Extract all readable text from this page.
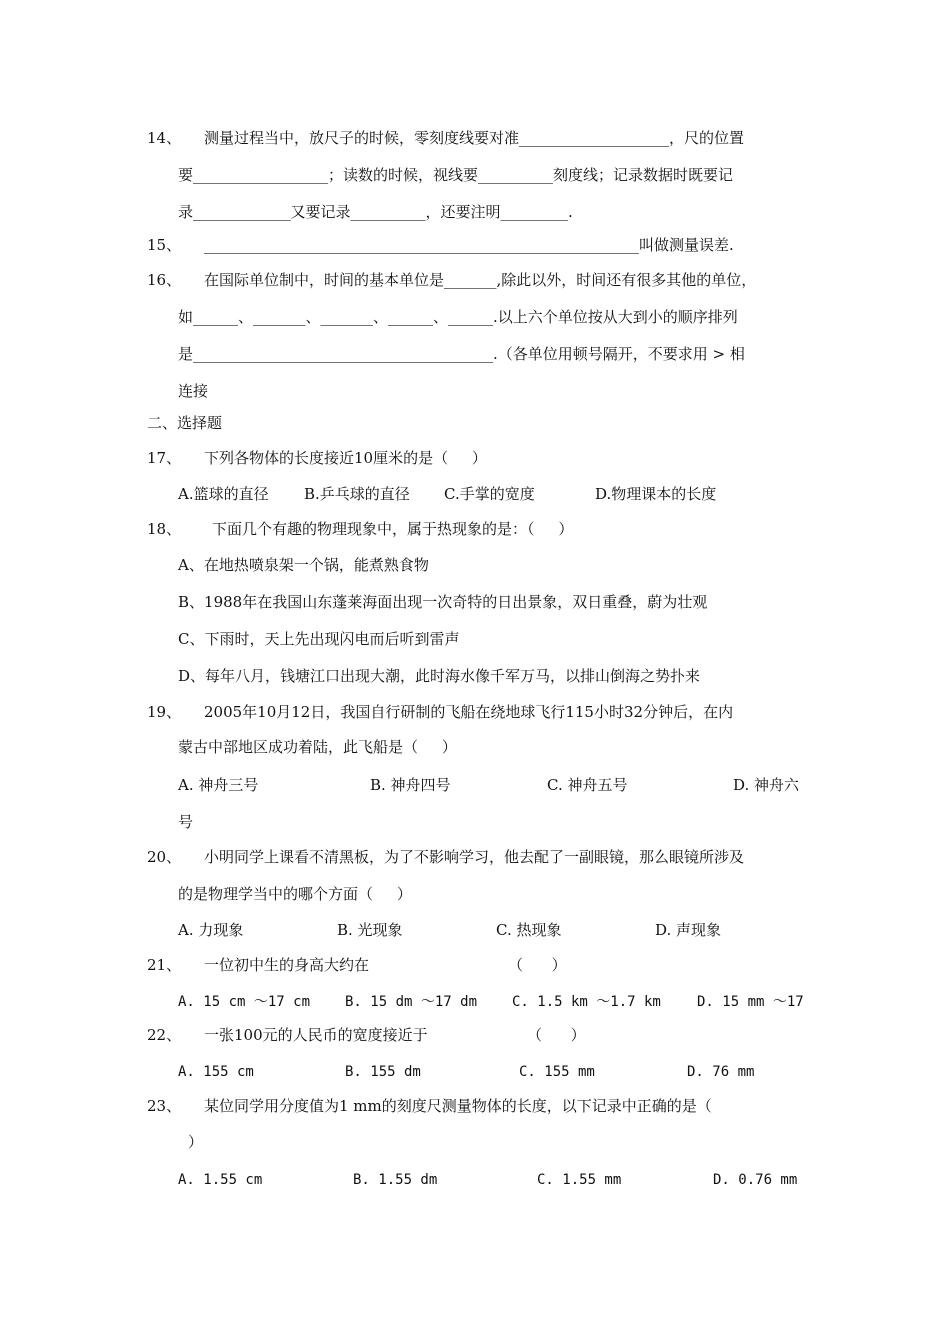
14、 测量过程当中，放尺子的时候，零刻度线要对准____________________，尺的位置
要__________________；读数的时候，视线要__________刻度线；记录数据时既要记
录_____________又要记录__________，还要注明_________.
15、 __________________________________________________________叫做测量误差.
16、 在国际单位制中，时间的基本单位是_______,除此以外，时间还有很多其他的单位，
如______、_______、_______、______、______.以上六个单位按从大到小的顺序排列
是________________________________________.（各单位用顿号隔开，不要求用 > 相
连接
二、选择题
17、 下列各物体的长度接近10厘米的是（     ）
A.篮球的直径 B.乒乓球的直径 C.手掌的宽度	D.物理课本的长度
18、 下面几个有趣的物理现象中，属于热现象的是：（     ）
A、在地热喷泉架一个锅，能煮熟食物
B、1988年在我国山东蓬莱海面出现一次奇特的日出景象，双日重叠，蔚为壮观
C、下雨时，天上先出现闪电而后听到雷声
D、每年八月，钱塘江口出现大潮，此时海水像千军万马，以排山倒海之势扑来
19、 2005年10月12日，我国自行研制的飞船在绕地球飞行115小时32分钟后，在内
蒙古中部地区成功着陆，此飞船是（     ）
A. 神舟三号	B. 神舟四号	C. 神舟五号	D. 神舟六
号
20、 小明同学上课看不清黑板，为了不影响学习，他去配了一副眼镜，那么眼镜所涉及
的是物理学当中的哪个方面（     ）
A. 力现象	B. 光现象	C. 热现象	D. 声现象
21、 一位初中生的身高大约在	（      ）
A. 15 cm ～17 cm B. 15 dm ～17 dm C. 1.5 km ～1.7 km	D. 15 mm ～17
22、 一张100元的人民币的宽度接近于	（      ）
A. 155 cm	B. 155 dm	C. 155 mm	D. 76 mm
23、 某位同学用分度值为1 mm的刻度尺测量物体的长度，以下记录中正确的是（
）
A. 1.55 cm	B. 1.55 dm	C. 1.55 mm	D. 0.76 mm
